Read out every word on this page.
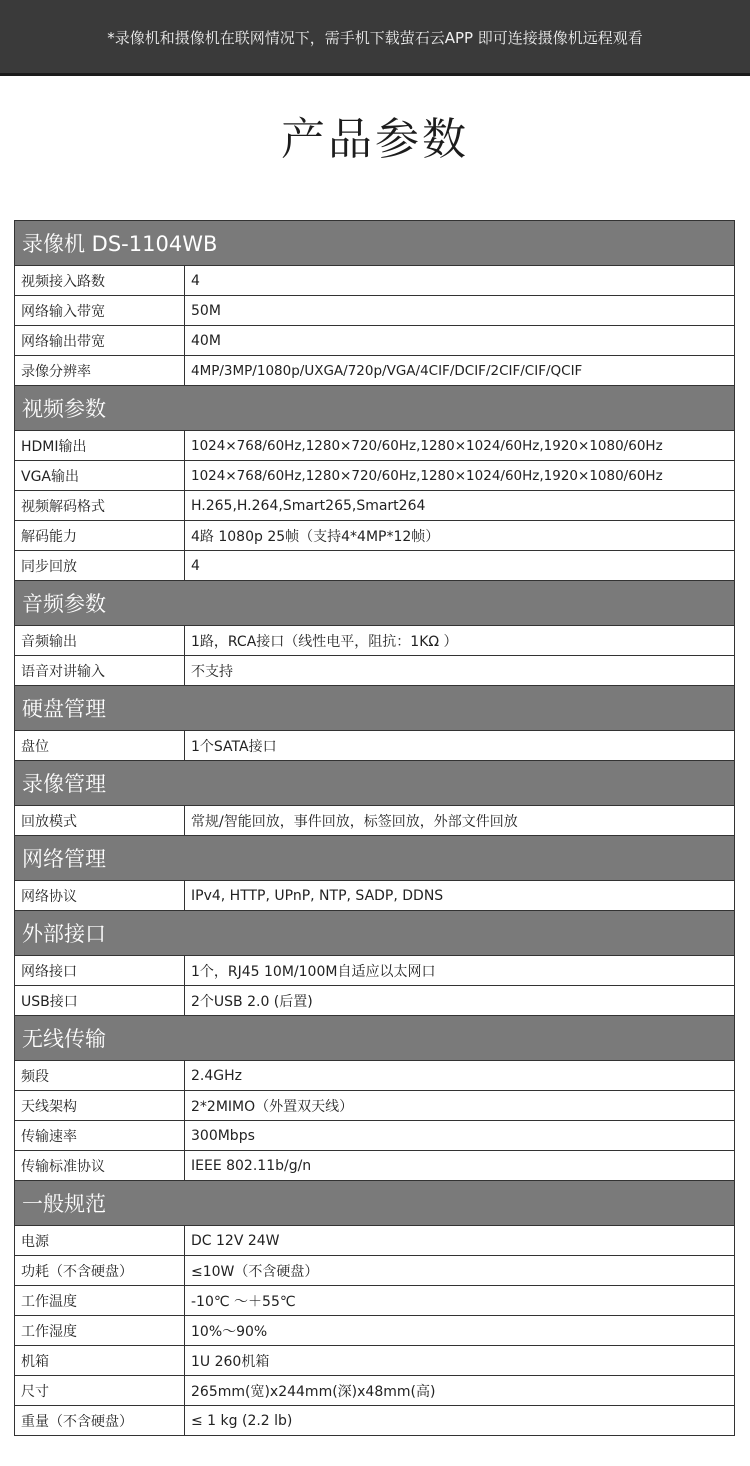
*录像机和摄像机在联网情况下，需手机下载萤石云APP 即可连接摄像机远程观看
产品参数
录像机 DS-1104WB	
视频接入路数	4
网络输入带宽	50M
网络输出带宽	40M
录像分辨率	4MP/3MP/1080p/UXGA/720p/VGA/4CIF/DCIF/2CIF/CIF/QCIF
视频参数	
HDMI输出	1024×768/60Hz,1280×720/60Hz,1280×1024/60Hz,1920×1080/60Hz
VGA输出	1024×768/60Hz,1280×720/60Hz,1280×1024/60Hz,1920×1080/60Hz
视频解码格式	H.265,H.264,Smart265,Smart264
解码能力	4路 1080p 25帧（支持4*4MP*12帧）
同步回放	4
音频参数	
音频输出	1路，RCA接口（线性电平，阻抗：1KΩ ）
语音对讲输入	不支持
硬盘管理	
盘位	1个SATA接口
录像管理	
回放模式	常规/智能回放，事件回放，标签回放，外部文件回放
网络管理	
网络协议	IPv4, HTTP, UPnP, NTP, SADP, DDNS
外部接口	
网络接口	1个，RJ45 10M/100M自适应以太网口
USB接口	2个USB 2.0 (后置)
无线传输	
频段	2.4GHz
天线架构	2*2MIMO（外置双天线）
传输速率	300Mbps
传输标准协议	IEEE 802.11b/g/n
一般规范	
电源	DC 12V 24W
功耗（不含硬盘）	≤10W（不含硬盘）
工作温度	-10℃ ～＋55℃
工作湿度	10%～90%
机箱	1U 260机箱
尺寸	265mm(宽)x244mm(深)x48mm(高)
重量（不含硬盘）	≤ 1 kg (2.2 lb)
